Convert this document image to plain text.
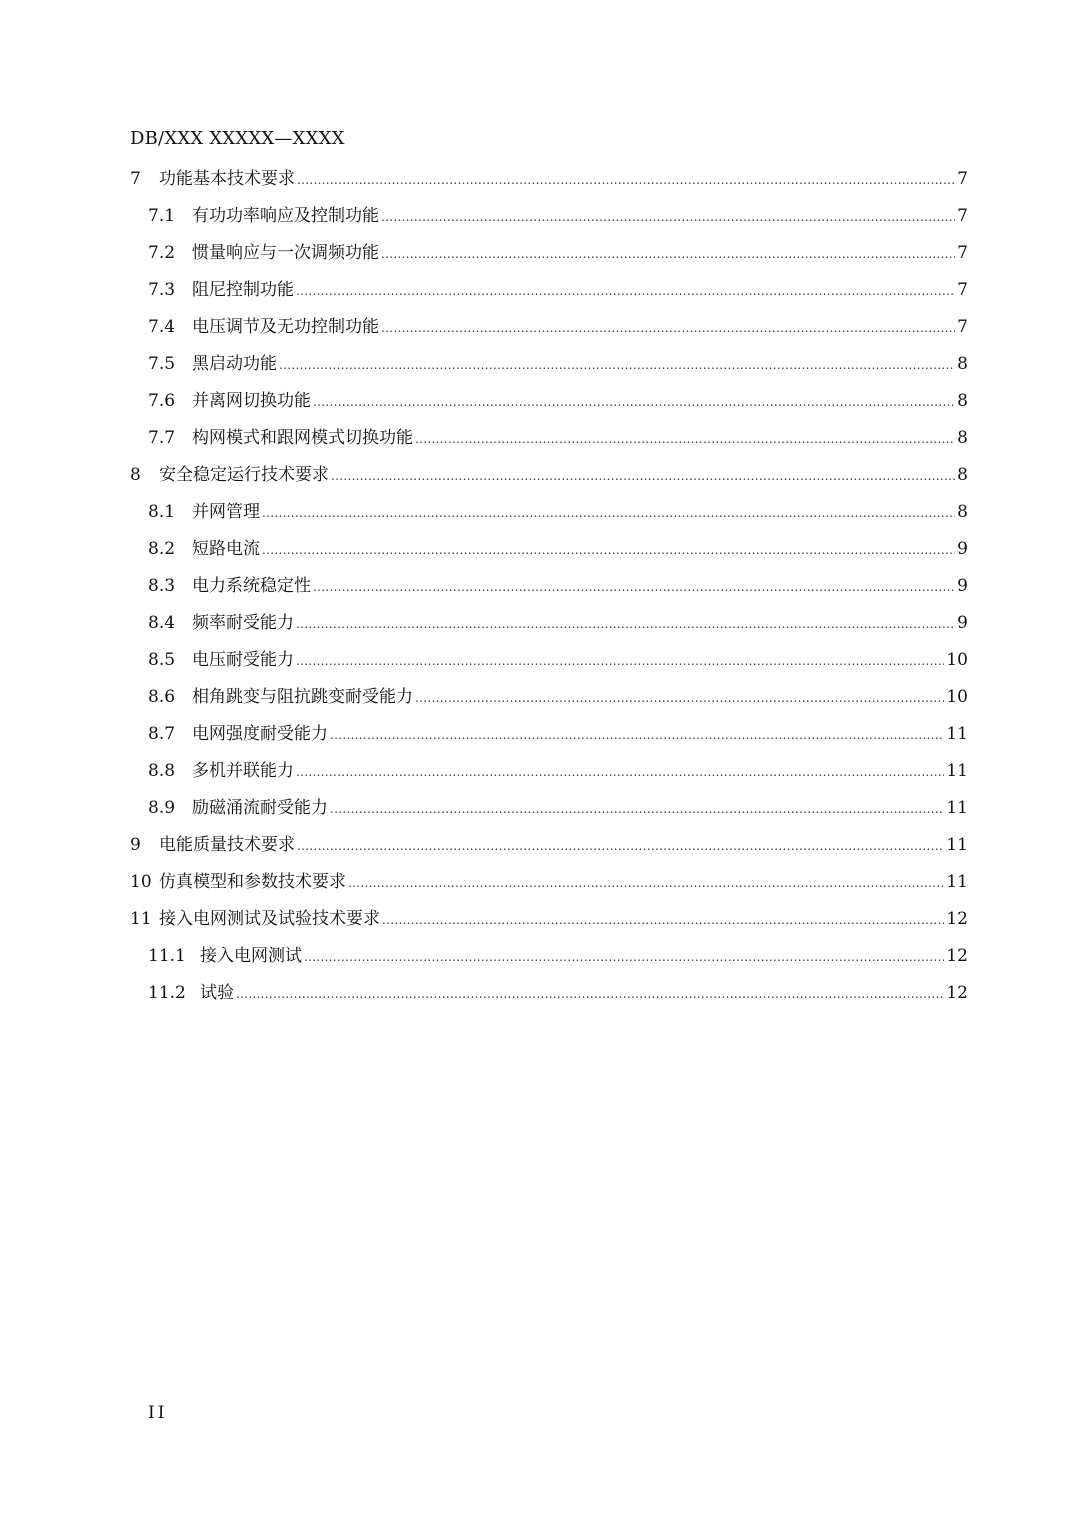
DB/XXX XXXXX—XXXX
7	功能基本技术要求 .....	7
7.1 有功功率响应及控制功能 .....	7
7.2 惯量响应与一次调频功能 .....	7
7.3 阻尼控制功能 .....	7
7.4 电压调节及无功控制功能 .....	7
7.5 黑启动功能 .....	8
7.6 并离网切换功能 .....	8
7.7 构网模式和跟网模式切换功能 .....	8
8	安全稳定运行技术要求 .....	8
8.1 并网管理 .....	8
8.2 短路电流 .....	9
8.3 电力系统稳定性 .....	9
8.4 频率耐受能力 .....	9
8.5 电压耐受能力 .....	10
8.6 相角跳变与阻抗跳变耐受能力 .....	10
8.7 电网强度耐受能力 .....	11
8.8 多机并联能力 .....	11
8.9 励磁涌流耐受能力 .....	11
9	电能质量技术要求 .....	11
10 仿真模型和参数技术要求 .....	11
11 接入电网测试及试验技术要求 .....	12
11.1 接入电网测试 .....	12
11.2 试验 .....	12
II
